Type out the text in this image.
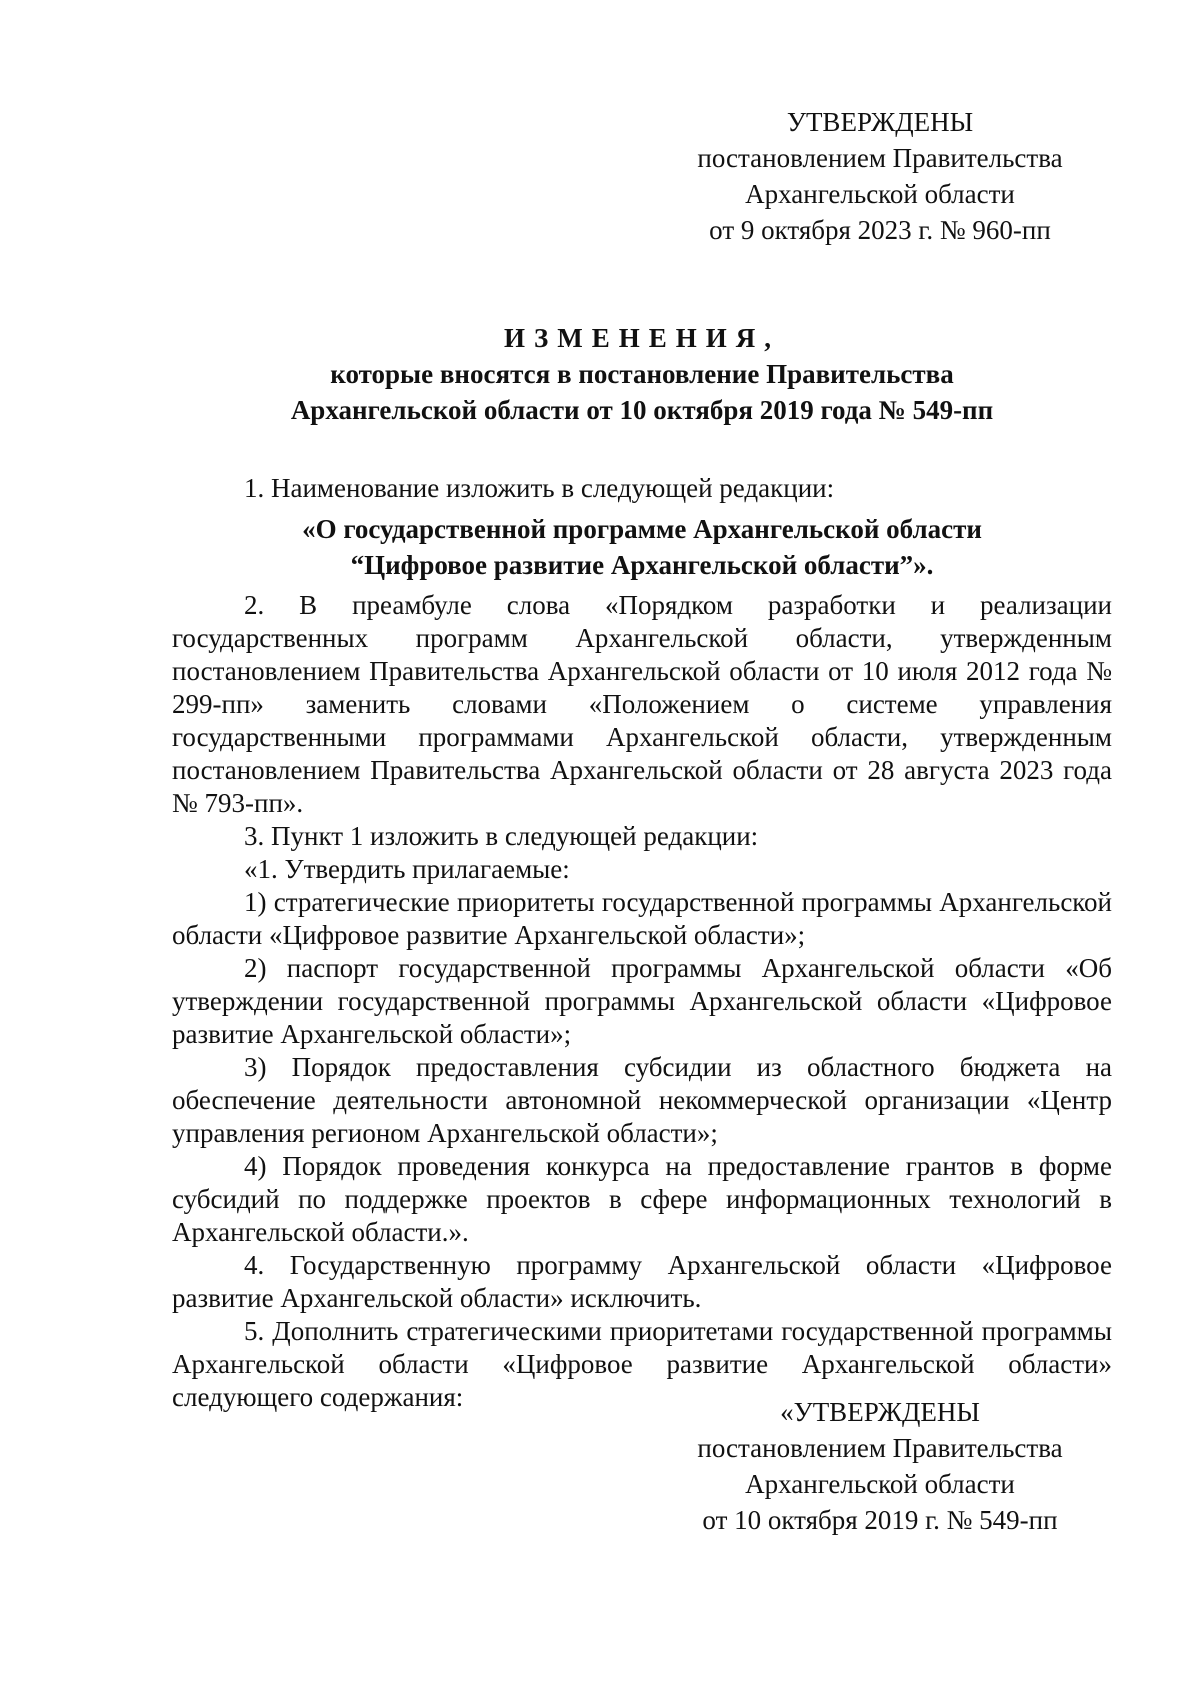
УТВЕРЖДЕНЫ
постановлением Правительства
Архангельской области
от 9 октября 2023 г. № 960-пп
ИЗМЕНЕНИЯ,
которые вносятся в постановление Правительства
Архангельской области от 10 октября 2019 года № 549-пп

1. Наименование изложить в следующей редакции:

«О государственной программе Архангельской области
“Цифровое развитие Архангельской области”».

2. В преамбуле слова «Порядком разработки и реализации государственных программ Архангельской области, утвержденным постановлением Правительства Архангельской области от 10 июля 2012 года № 299-пп» заменить словами «Положением о системе управления государственными программами Архангельской области, утвержденным постановлением Правительства Архангельской области от 28 августа 2023 года № 793-пп».

3. Пункт 1 изложить в следующей редакции:

«1. Утвердить прилагаемые:

1) стратегические приоритеты государственной программы Архангельской области «Цифровое развитие Архангельской области»;

2) паспорт государственной программы Архангельской области «Об утверждении государственной программы Архангельской области «Цифровое развитие Архангельской области»;

3) Порядок предоставления субсидии из областного бюджета на обеспечение деятельности автономной некоммерческой организации «Центр управления регионом Архангельской области»;

4) Порядок проведения конкурса на предоставление грантов в форме субсидий по поддержке проектов в сфере информационных технологий в Архангельской области.».

4. Государственную программу Архангельской области «Цифровое развитие Архангельской области» исключить.

5. Дополнить стратегическими приоритетами государственной программы Архангельской области «Цифровое развитие Архангельской области» следующего содержания:	«УТВЕРЖДЕНЫ
постановлением Правительства
Архангельской области
от 10 октября 2019 г. № 549-пп
